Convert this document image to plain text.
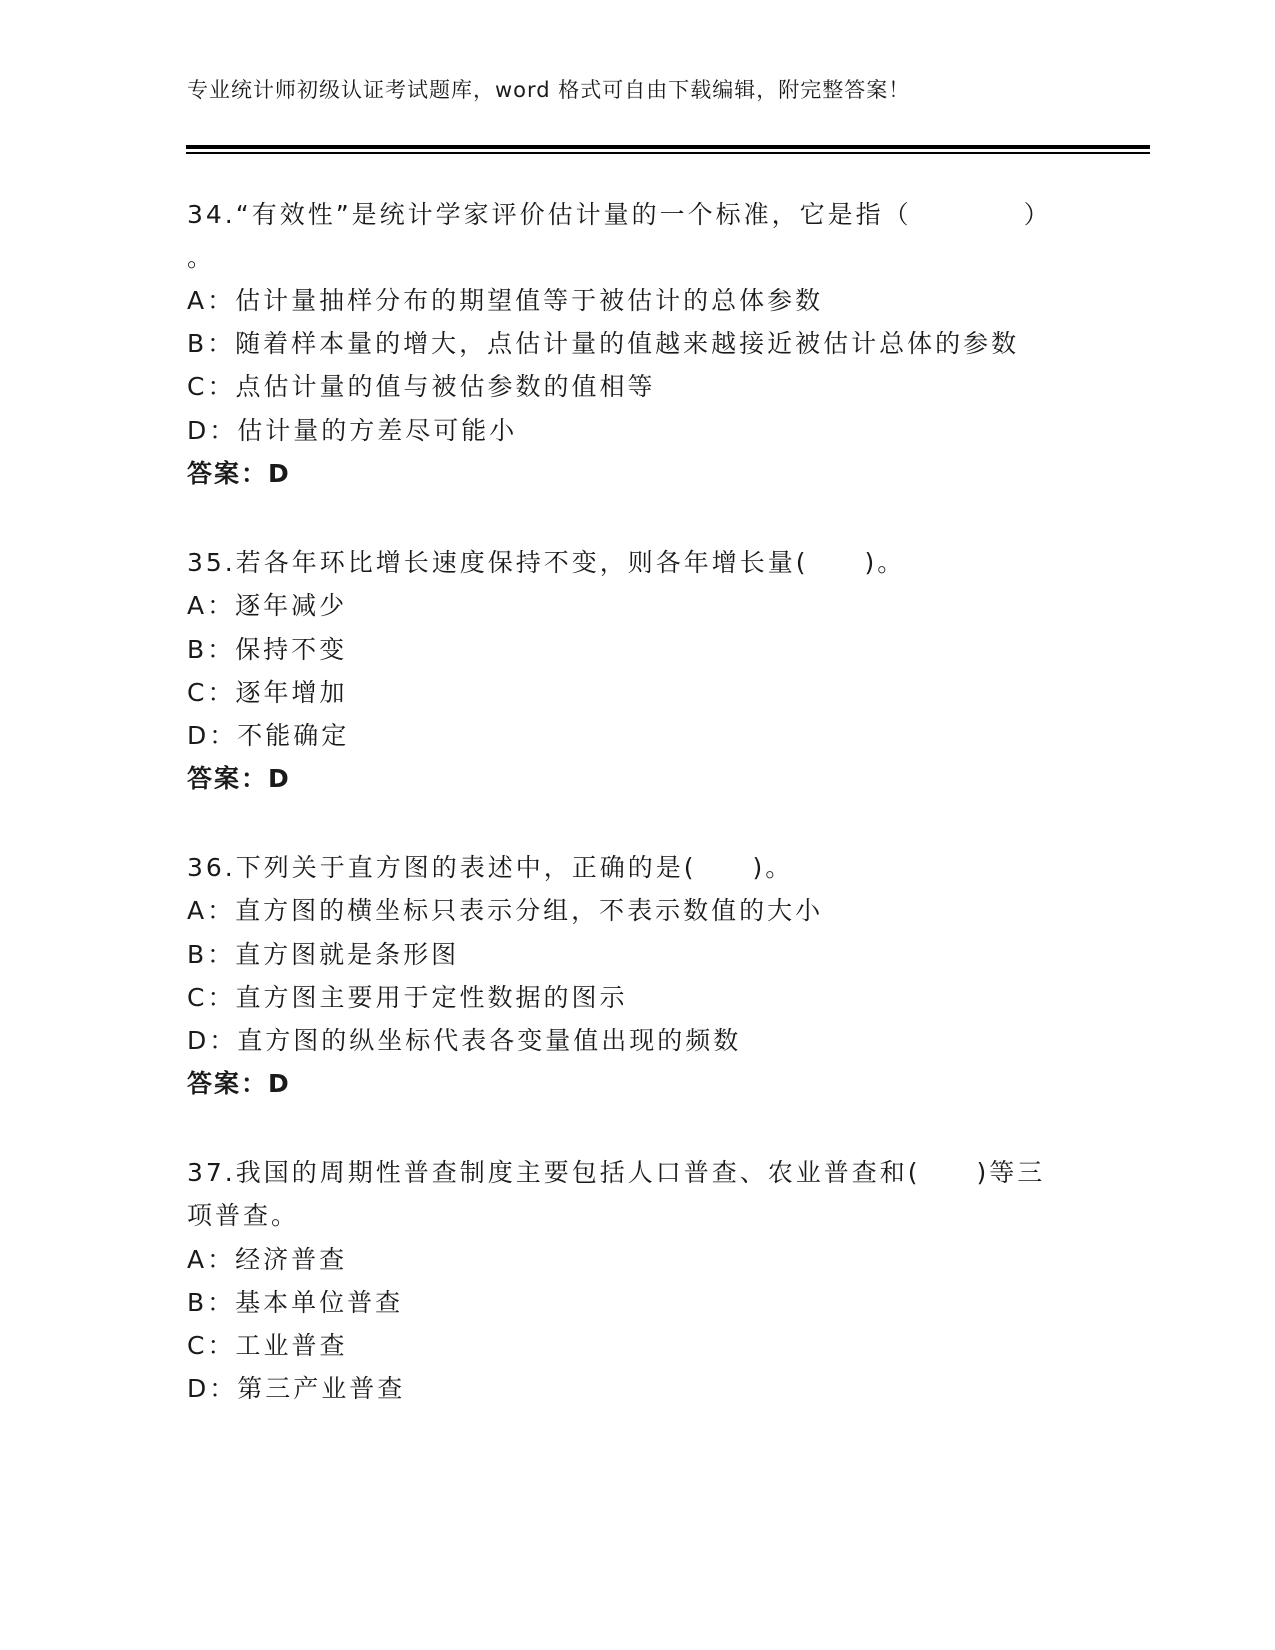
专业统计师初级认证考试题库，word 格式可自由下载编辑，附完整答案！
34.“有效性”是统计学家评价估计量的一个标准，它是指（　　　　）
。
A：估计量抽样分布的期望值等于被估计的总体参数
B：随着样本量的增大，点估计量的值越来越接近被估计总体的参数
C：点估计量的值与被估参数的值相等
D：估计量的方差尽可能小
答案：D
35.若各年环比增长速度保持不变，则各年增长量(　　)。
A：逐年减少
B：保持不变
C：逐年增加
D：不能确定
答案：D
36.下列关于直方图的表述中，正确的是(　　)。
A：直方图的横坐标只表示分组，不表示数值的大小
B：直方图就是条形图
C：直方图主要用于定性数据的图示
D：直方图的纵坐标代表各变量值出现的频数
答案：D
37.我国的周期性普查制度主要包括人口普查、农业普查和(　　)等三
项普查。
A：经济普查
B：基本单位普查
C：工业普查
D：第三产业普查
